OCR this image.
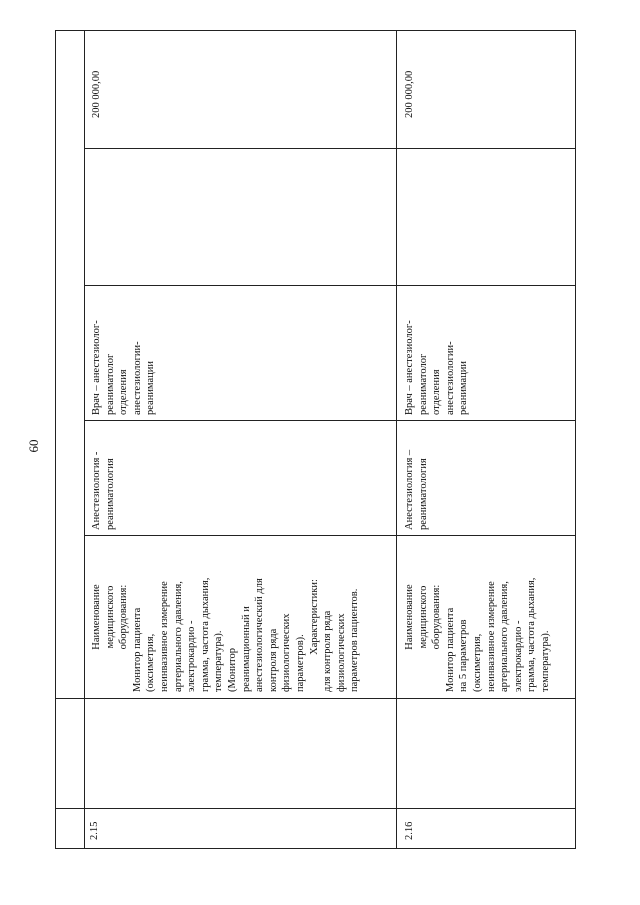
60
2.15
Наименование медицинского оборудования: Монитор пациента (оксиметрия, неинвазивное измерение артериального давления, электрокардио - грамма, частота дыхания, температура). (Монитор реанимационный и анестезиологический для контроля ряда физиологических параметров).
Характеристики: для контроля ряда физиологических параметров пациентов.
Анестезиология - реаниматология
Врач – анестезиолог- реаниматолог отделения анестезиологии- реанимации
200 000,00
2.16
Наименование медицинского оборудования: Монитор пациента на 5 параметров (оксиметрия, неинвазивное измерение артериального давления, электрокардио - грамма, частота дыхания, температура).
Анестезиология – реаниматология
Врач – анестезиолог- реаниматолог отделения анестезиологии- реанимации
200 000,00
